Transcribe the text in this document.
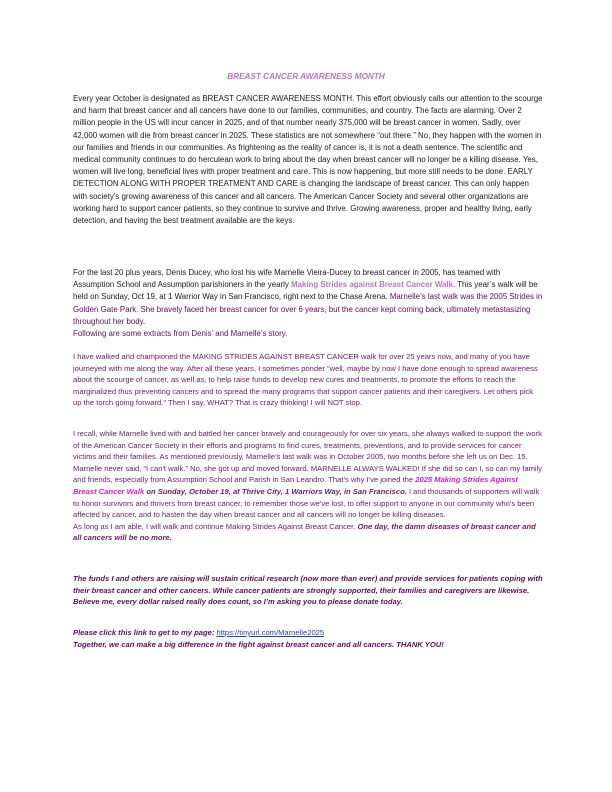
BREAST CANCER AWARENESS MONTH
Every year October is designated as BREAST CANCER AWARENESS MONTH. This effort obviously calls our attention to the scourge and harm that breast cancer and all cancers have done to our families, communities, and country. The facts are alarming. Over 2 million people in the US will incur cancer in 2025, and of that number nearly 375,000 will be breast cancer in women. Sadly, over 42,000 women will die from breast cancer in 2025. These statistics are not somewhere “out there.” No, they happen with the women in our families and friends in our communities. As frightening as the reality of cancer is, it is not a death sentence. The scientific and medical community continues to do herculean work to bring about the day when breast cancer will no longer be a killing disease. Yes, women will live long, beneficial lives with proper treatment and care. This is now happening, but more still needs to be done. EARLY DETECTION ALONG WITH PROPER TREATMENT AND CARE is changing the landscape of breast cancer. This can only happen with society’s growing awareness of this cancer and all cancers. The American Cancer Society and several other organizations are working hard to support cancer patients, so they continue to survive and thrive. Growing awareness, proper and healthy living, early detection, and having the best treatment available are the keys.
For the last 20 plus years, Denis Ducey, who lost his wife Marnelle Vieira-Ducey to breast cancer in 2005, has teamed with Assumption School and Assumption parishioners in the yearly Making Strides against Breast Cancer Walk. This year’s walk will be held on Sunday, Oct 19, at 1 Warrior Way in San Francisco, right next to the Chase Arena. Marnelle’s last walk was the 2005 Strides in Golden Gate Park. She bravely faced her breast cancer for over 6 years, but the cancer kept coming back, ultimately metastasizing throughout her body.
Following are some extracts from Denis’ and Marnelle’s story.
I have walked and championed the MAKING STRIDES AGAINST BREAST CANCER walk for over 25 years now, and many of you have journeyed with me along the way. After all these years, I sometimes ponder "well, maybe by now I have done enough to spread awareness about the scourge of cancer, as well as, to help raise funds to develop new cures and treatments, to promote the efforts to reach the marginalized thus preventing cancers and to spread the many programs that support cancer patients and their caregivers. Let others pick up the torch going forward." Then I say, WHAT? That is crazy thinking! I will NOT stop.
I recall, while Marnelle lived with and battled her cancer bravely and courageously for over six years, she always walked to support the work of the American Cancer Society in their efforts and programs to find cures, treatments, preventions, and to provide services for cancer victims and their families. As mentioned previously, Marnelle’s last walk was in October 2005, two months before she left us on Dec. 15. Marnelle never said, “I can't walk.” No, she got up and moved forward. MARNELLE ALWAYS WALKED! If she did so can I, so can my family and friends, especially from Assumption School and Parish in San Leandro. That’s why I've joined the 2025 Making Strides Against Breast Cancer Walk on Sunday, October 19, at Thrive City, 1 Warriors Way, in San Francisco. I and thousands of supporters will walk to honor survivors and thrivers from breast cancer, to remember those we've lost, to offer support to anyone in our community who's been affected by cancer, and to hasten the day when breast cancer and all cancers will no longer be killing diseases.
As long as I am able, I will walk and continue Making Strides Against Breast Cancer. One day, the damn diseases of breast cancer and all cancers will be no more.
The funds I and others are raising will sustain critical research (now more than ever) and provide services for patients coping with their breast cancer and other cancers. While cancer patients are strongly supported, their families and caregivers are likewise. Believe me, every dollar raised really does count, so I’m asking you to please donate today.
Please click this link to get to my page: https://tinyurl.com/Marnelle2025
Together, we can make a big difference in the fight against breast cancer and all cancers. THANK YOU!
